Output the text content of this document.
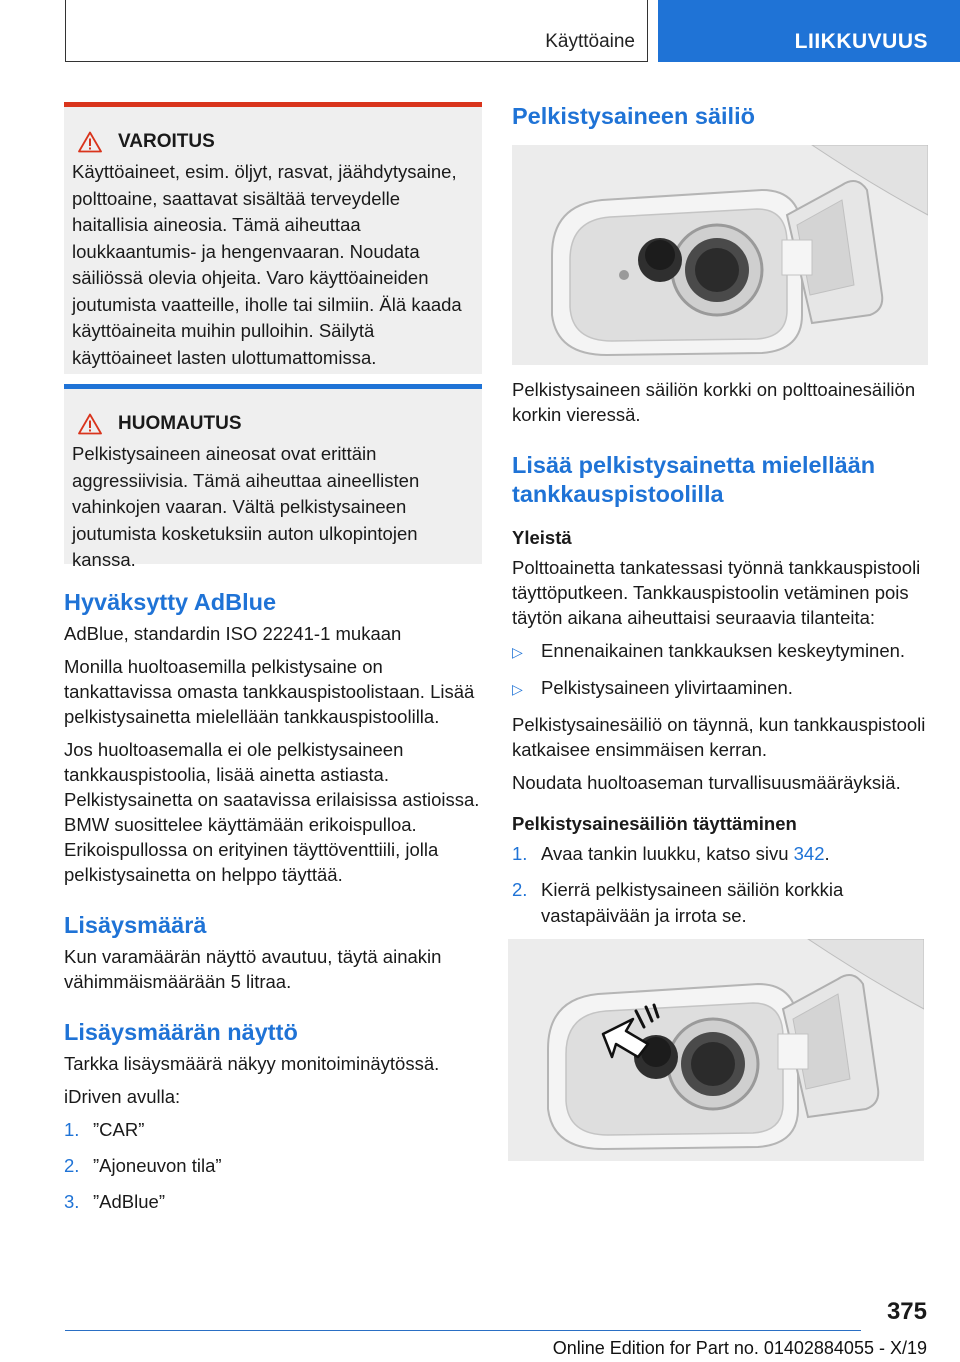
Käyttöaine	LIIKKUVUUS
VAROITUS

Käyttöaineet, esim. öljyt, rasvat, jäähdytysaine, polttoaine, saattavat sisältää terveydelle haitallisia aineosia. Tämä aiheuttaa loukkaantumis- ja hengenvaaran. Noudata säiliössä olevia ohjeita. Varo käyttöaineiden joutumista vaatteille, iholle tai silmiin. Älä kaada käyttöaineita muihin pulloihin. Säilytä käyttöaineet lasten ulottumattomissa.

HUOMAUTUS

Pelkistysaineen aineosat ovat erittäin aggressiivisia. Tämä aiheuttaa aineellisten vahinkojen vaaran. Vältä pelkistysaineen joutumista kosketuksiin auton ulkopintojen kanssa.

Hyväksytty AdBlue

AdBlue, standardin ISO 22241-1 mukaan

Monilla huoltoasemilla pelkistysaine on tankattavissa omasta tankkauspistoolistaan. Lisää pelkistysainetta mielellään tankkauspistoolilla.

Jos huoltoasemalla ei ole pelkistysaineen tankkauspistoolia, lisää ainetta astiasta. Pelkistysainetta on saatavissa erilaisissa astioissa. BMW suosittelee käyttämään erikoispulloa. Erikoispullossa on erityinen täyttöventtiili, jolla pelkistysainetta on helppo täyttää.

Lisäysmäärä

Kun varamäärän näyttö avautuu, täytä ainakin vähimmäismäärään 5 litraa.

Lisäysmäärän näyttö

Tarkka lisäysmäärä näkyy monitoiminäytössä.

iDriven avulla:

1. ”CAR”
2. ”Ajoneuvon tila”
3. ”AdBlue”
Pelkistysaineen säiliö

Pelkistysaineen säiliön korkki on polttoainesäiliön korkin vieressä.

Lisää pelkistysainetta mielellään tankkauspistoolilla
Yleistä

Polttoainetta tankatessasi työnnä tankkauspistooli täyttöputkeen. Tankkauspistoolin vetäminen pois täytön aikana aiheuttaisi seuraavia tilanteita:

▷ Ennenaikainen tankkauksen keskeytyminen.
▷ Pelkistysaineen ylivirtaaminen.

Pelkistysainesäiliö on täynnä, kun tankkauspistooli katkaisee ensimmäisen kerran.

Noudata huoltoaseman turvallisuusmääräyksiä.

Pelkistysainesäiliön täyttäminen
1. Avaa tankin luukku, katso sivu 342.
2. Kierrä pelkistysaineen säiliön korkkia vastapäivään ja irrota se.
375
Online Edition for Part no. 01402884055 - X/19
